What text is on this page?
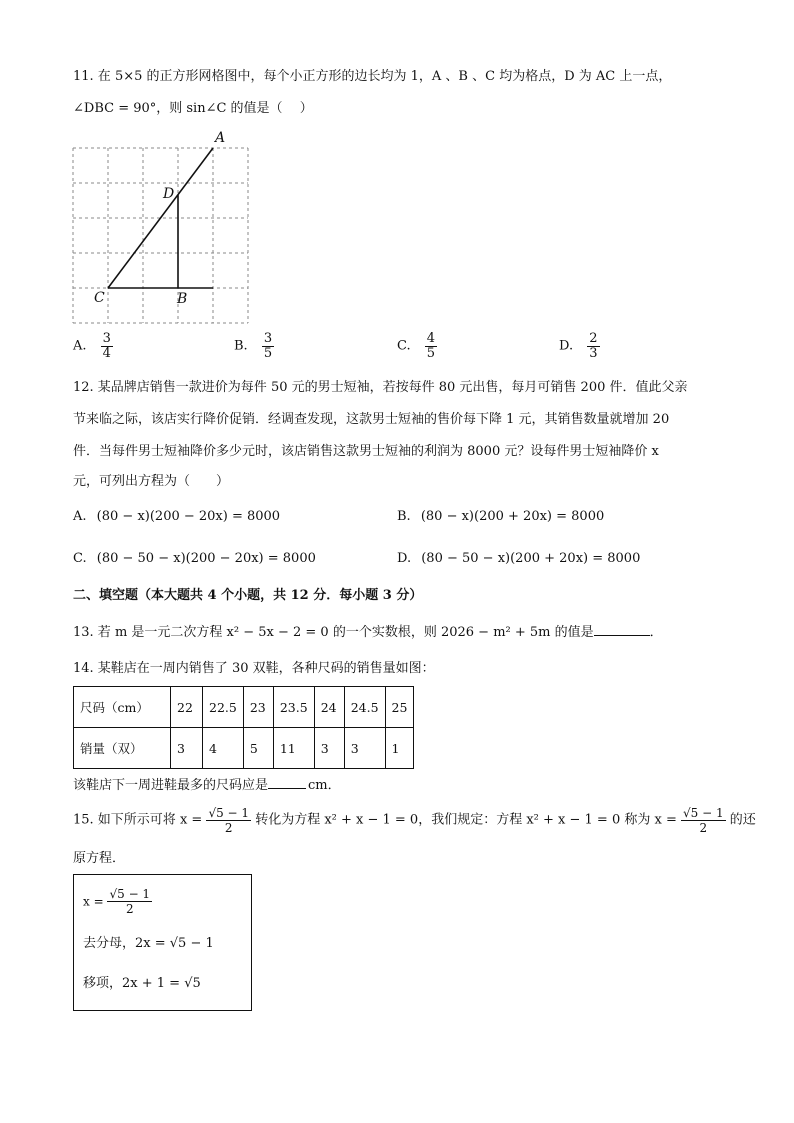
11. 在 5×5 的正方形网格图中，每个小正方形的边长均为 1，A 、B 、C 均为格点，D 为 AC 上一点，
∠DBC = 90°，则 sin∠C 的值是（　 ）
A
D
C	B
A. $\frac{3}{4}$	B. $\frac{3}{5}$	C. $\frac{4}{5}$	D. $\frac{2}{3}$
12. 某品牌店销售一款进价为每件 50 元的男士短袖，若按每件 80 元出售，每月可销售 200 件．值此父亲
节来临之际，该店实行降价促销．经调查发现，这款男士短袖的售价每下降 1 元，其销售数量就增加 20
件．当每件男士短袖降价多少元时，该店销售这款男士短袖的利润为 8000 元？设每件男士短袖降价 x
元，可列出方程为（　　）
A. (80 − x)(200 − 20x) = 8000	B. (80 − x)(200 + 20x) = 8000
C. (80 − 50 − x)(200 − 20x) = 8000	D. (80 − 50 − x)(200 + 20x) = 8000
二、填空题（本大题共 4 个小题，共 12 分．每小题 3 分）
13. 若 m 是一元二次方程 x² − 5x − 2 = 0 的一个实数根，则 2026 − m² + 5m 的值是	．
14. 某鞋店在一周内销售了 30 双鞋，各种尺码的销售量如图：
尺码（cm）	22	22.5	23	23.5	24	24.5	25
销量（双）	3	4	5	11	3	3	1
该鞋店下一周进鞋最多的尺码应是	cm．
15. 如下所示可将 $x = \frac{√5 - 1}{2}$ 转化为方程 x² + x − 1 = 0，我们规定：方程 x² + x − 1 = 0 称为 $x = \frac{√5 - 1}{2}$ 的还
原方程．
$x = \frac{√5 - 1}{2}$
去分母，2x = √5 − 1
移项，2x + 1 = √5
